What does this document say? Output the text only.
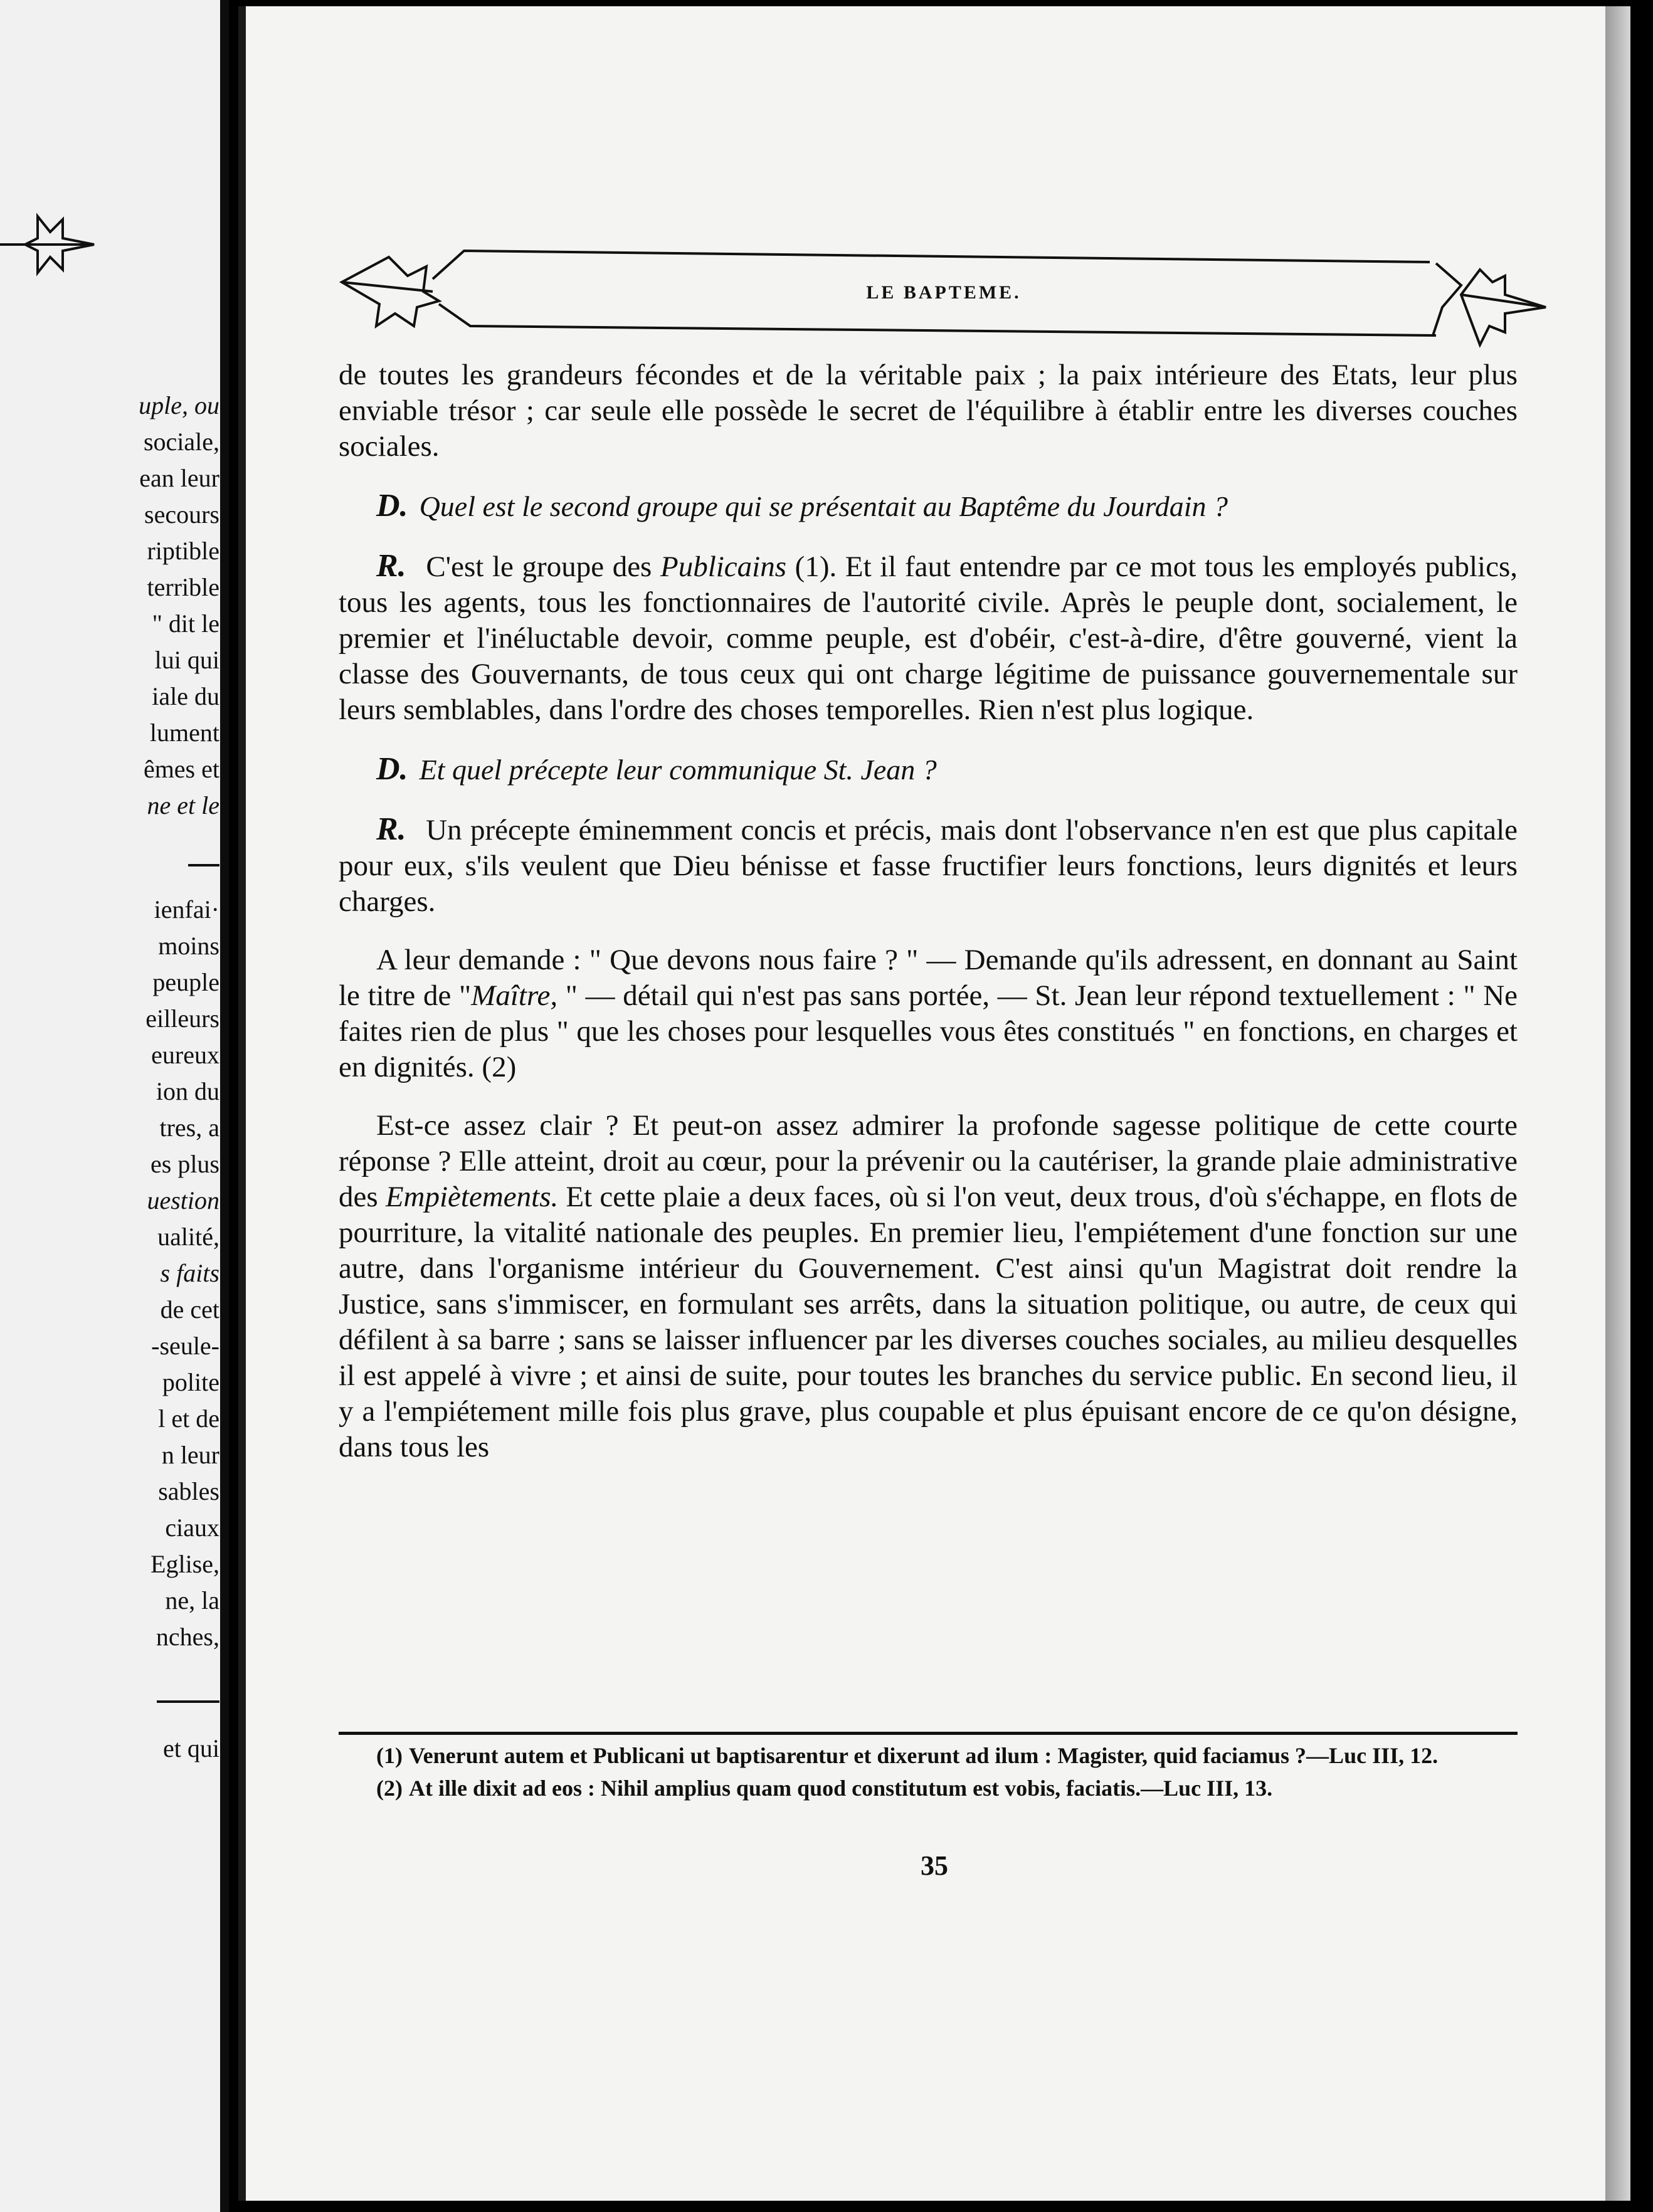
uple, ou
sociale,
ean leur
secours
riptible
terrible
" dit le
lui qui
iale du
lument
êmes et
ne et le
ienfai·
moins
peuple
eilleurs
eureux
ion du
tres, a
es plus
uestion
ualité,
s faits
de cet
-seule-
polite
l et de
n leur
sables
ciaux
Eglise,
ne, la
nches,
et qui
LE BAPTEME.

de toutes les grandeurs fécondes et de la véritable paix ; la paix intérieure des Etats, leur plus enviable trésor ; car seule elle possède le secret de l'équilibre à établir entre les diverses couches sociales.

D. Quel est le second groupe qui se présentait au Baptême du Jourdain ?

R. C'est le groupe des Publicains (1). Et il faut entendre par ce mot tous les employés publics, tous les agents, tous les fonctionnaires de l'autorité civile. Après le peuple dont, socialement, le premier et l'inéluctable devoir, comme peuple, est d'obéir, c'est-à-dire, d'être gouverné, vient la classe des Gouvernants, de tous ceux qui ont charge légitime de puissance gouvernementale sur leurs semblables, dans l'ordre des choses temporelles. Rien n'est plus logique.

D. Et quel précepte leur communique St. Jean ?

R. Un précepte éminemment concis et précis, mais dont l'observance n'en est que plus capitale pour eux, s'ils veulent que Dieu bénisse et fasse fructifier leurs fonctions, leurs dignités et leurs charges.

A leur demande : " Que devons nous faire ? " — Demande qu'ils adressent, en donnant au Saint le titre de "Maître, " — détail qui n'est pas sans portée, — St. Jean leur répond textuellement : " Ne faites rien de plus " que les choses pour lesquelles vous êtes constitués " en fonctions, en charges et en dignités. (2)

Est-ce assez clair ? Et peut-on assez admirer la profonde sagesse politique de cette courte réponse ? Elle atteint, droit au cœur, pour la prévenir ou la cautériser, la grande plaie administrative des Empiètements. Et cette plaie a deux faces, où si l'on veut, deux trous, d'où s'échappe, en flots de pourriture, la vitalité nationale des peuples. En premier lieu, l'empiétement d'une fonction sur une autre, dans l'organisme intérieur du Gouvernement. C'est ainsi qu'un Magistrat doit rendre la Justice, sans s'immiscer, en formulant ses arrêts, dans la situation politique, ou autre, de ceux qui défilent à sa barre ; sans se laisser influencer par les diverses couches sociales, au milieu desquelles il est appelé à vivre ; et ainsi de suite, pour toutes les branches du service public. En second lieu, il y a l'empiétement mille fois plus grave, plus coupable et plus épuisant encore de ce qu'on désigne, dans tous les

(1) Venerunt autem et Publicani ut baptisarentur et dixerunt ad ilum : Magister, quid faciamus ?—Luc III, 12.

(2) At ille dixit ad eos : Nihil amplius quam quod constitutum est vobis, faciatis.—Luc III, 13.

35
